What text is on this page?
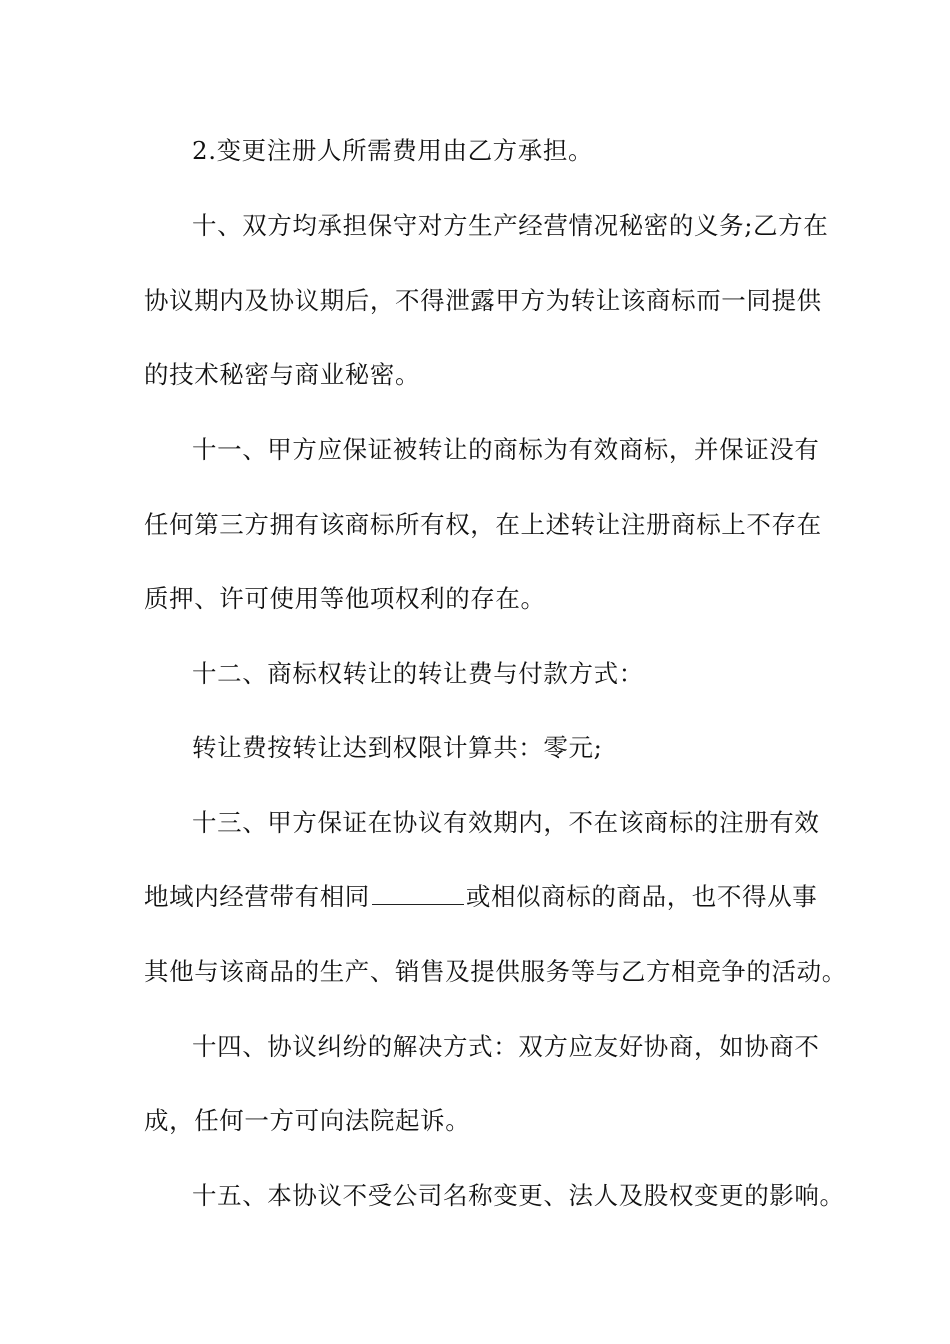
2.变更注册人所需费用由乙方承担。
十、双方均承担保守对方生产经营情况秘密的义务;乙方在
协议期内及协议期后，不得泄露甲方为转让该商标而一同提供
的技术秘密与商业秘密。
十一、甲方应保证被转让的商标为有效商标，并保证没有
任何第三方拥有该商标所有权，在上述转让注册商标上不存在
质押、许可使用等他项权利的存在。
十二、商标权转让的转让费与付款方式：
转让费按转让达到权限计算共：零元;
十三、甲方保证在协议有效期内，不在该商标的注册有效
地域内经营带有相同	或相似商标的商品，也不得从事
其他与该商品的生产、销售及提供服务等与乙方相竞争的活动。
十四、协议纠纷的解决方式：双方应友好协商，如协商不
成，任何一方可向法院起诉。
十五、本协议不受公司名称变更、法人及股权变更的影响。
